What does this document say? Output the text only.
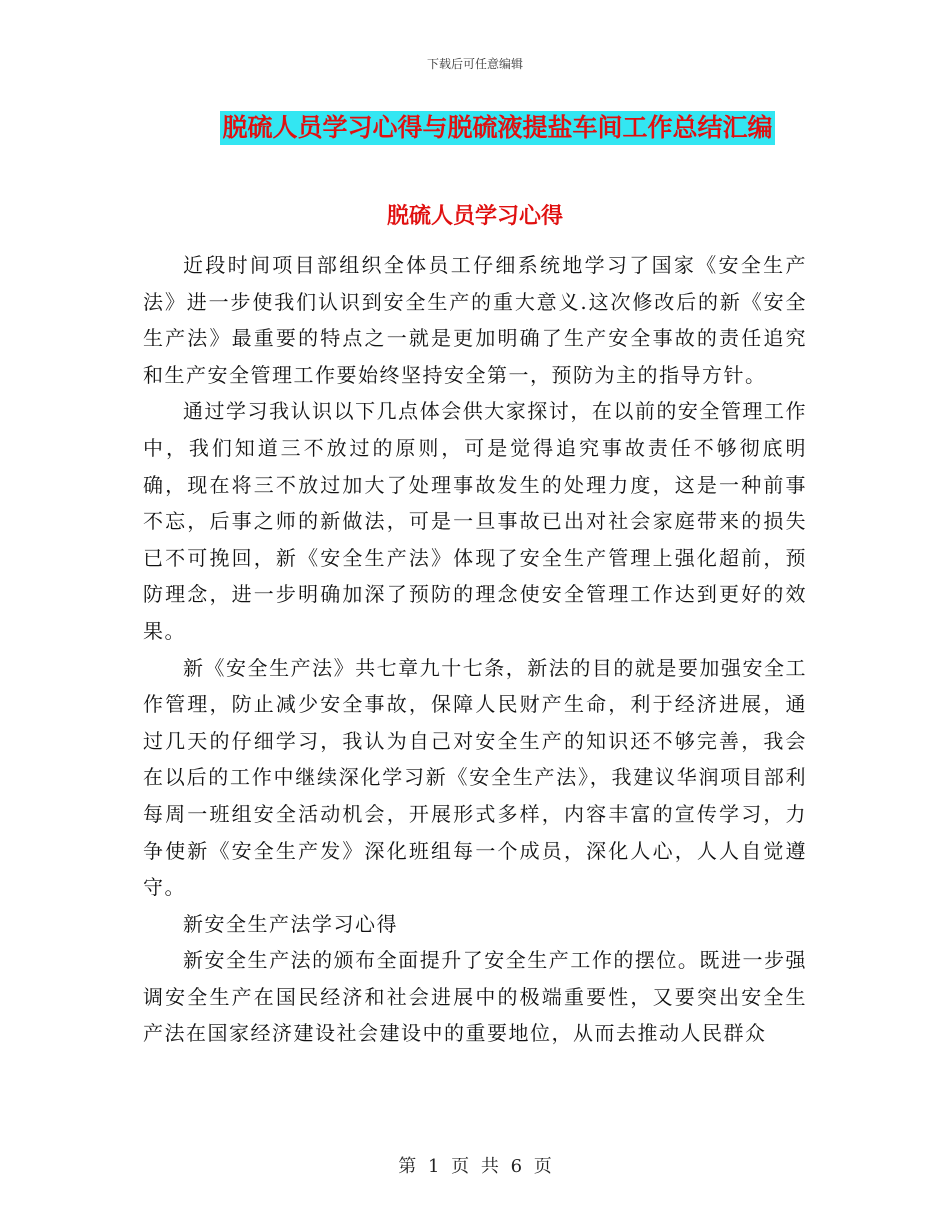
下载后可任意编辑
脱硫人员学习心得与脱硫液提盐车间工作总结汇编
脱硫人员学习心得

近段时间项目部组织全体员工仔细系统地学习了国家《安全生产法》进一步使我们认识到安全生产的重大意义.这次修改后的新《安全生产法》最重要的特点之一就是更加明确了生产安全事故的责任追究和生产安全管理工作要始终坚持安全第一，预防为主的指导方针。

通过学习我认识以下几点体会供大家探讨，在以前的安全管理工作中，我们知道三不放过的原则，可是觉得追究事故责任不够彻底明确，现在将三不放过加大了处理事故发生的处理力度，这是一种前事不忘，后事之师的新做法，可是一旦事故已出对社会家庭带来的损失已不可挽回，新《安全生产法》体现了安全生产管理上强化超前，预防理念，进一步明确加深了预防的理念使安全管理工作达到更好的效果。

新《安全生产法》共七章九十七条，新法的目的就是要加强安全工作管理，防止减少安全事故，保障人民财产生命，利于经济进展，通过几天的仔细学习，我认为自己对安全生产的知识还不够完善，我会在以后的工作中继续深化学习新《安全生产法》，我建议华润项目部利每周一班组安全活动机会，开展形式多样，内容丰富的宣传学习，力争使新《安全生产发》深化班组每一个成员，深化人心，人人自觉遵守。

新安全生产法学习心得

新安全生产法的颁布全面提升了安全生产工作的摆位。既进一步强调安全生产在国民经济和社会进展中的极端重要性，又要突出安全生产法在国家经济建设社会建设中的重要地位，从而去推动人民群众

第 1 页 共 6 页
